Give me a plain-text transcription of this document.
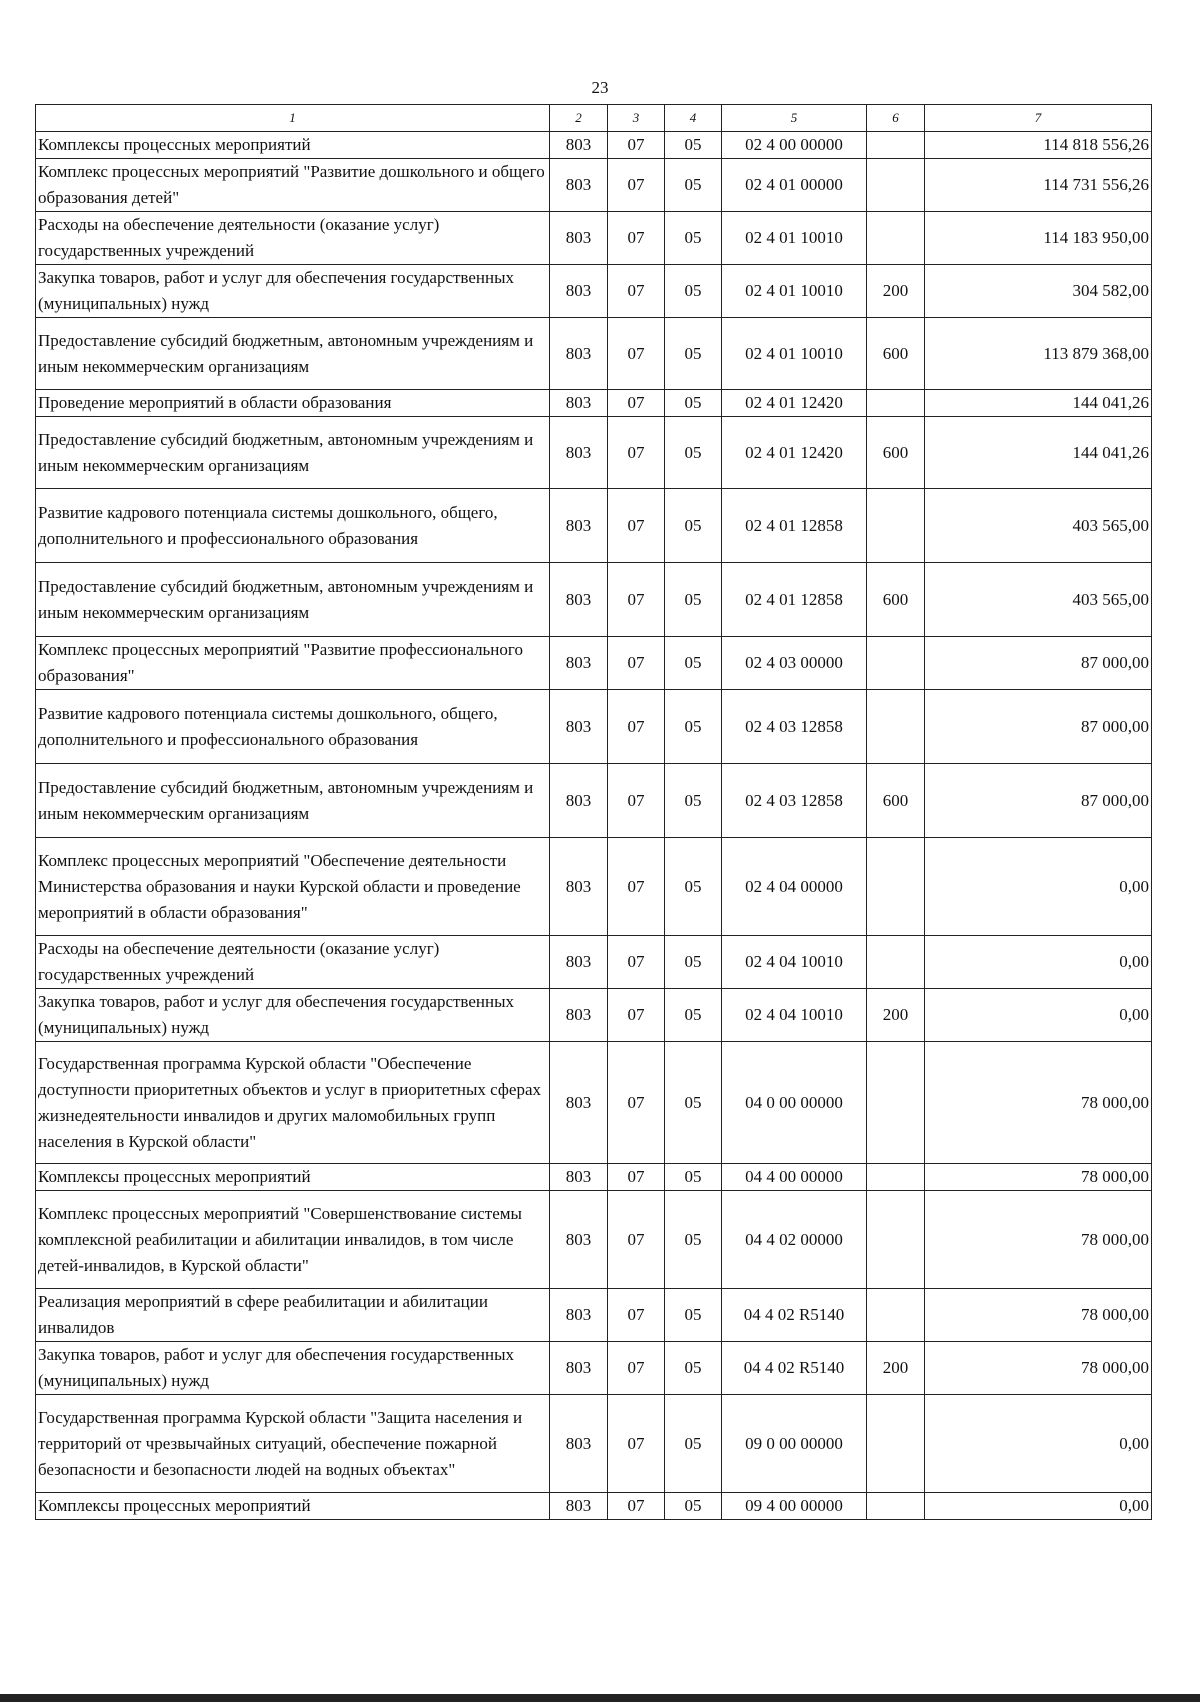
23
1	2	3	4	5	6	7
Комплексы процессных мероприятий	803	07	05	02 4 00 00000		114 818 556,26
Комплекс процессных мероприятий "Развитие дошкольного и общего образования детей"	803	07	05	02 4 01 00000		114 731 556,26
Расходы на обеспечение деятельности (оказание услуг) государственных учреждений	803	07	05	02 4 01 10010		114 183 950,00
Закупка товаров, работ и услуг для обеспечения государственных (муниципальных) нужд	803	07	05	02 4 01 10010	200	304 582,00
Предоставление субсидий бюджетным, автономным учреждениям и иным некоммерческим организациям	803	07	05	02 4 01 10010	600	113 879 368,00
Проведение мероприятий в области образования	803	07	05	02 4 01 12420		144 041,26
Предоставление субсидий бюджетным, автономным учреждениям и иным некоммерческим организациям	803	07	05	02 4 01 12420	600	144 041,26
Развитие кадрового потенциала системы дошкольного, общего, дополнительного и профессионального образования	803	07	05	02 4 01 12858		403 565,00
Предоставление субсидий бюджетным, автономным учреждениям и иным некоммерческим организациям	803	07	05	02 4 01 12858	600	403 565,00
Комплекс процессных мероприятий "Развитие профессионального образования"	803	07	05	02 4 03 00000		87 000,00
Развитие кадрового потенциала системы дошкольного, общего, дополнительного и профессионального образования	803	07	05	02 4 03 12858		87 000,00
Предоставление субсидий бюджетным, автономным учреждениям и иным некоммерческим организациям	803	07	05	02 4 03 12858	600	87 000,00
Комплекс процессных мероприятий "Обеспечение деятельности Министерства образования и науки Курской области и проведение мероприятий в области образования"	803	07	05	02 4 04 00000		0,00
Расходы на обеспечение деятельности (оказание услуг) государственных учреждений	803	07	05	02 4 04 10010		0,00
Закупка товаров, работ и услуг для обеспечения государственных (муниципальных) нужд	803	07	05	02 4 04 10010	200	0,00
Государственная программа Курской области "Обеспечение доступности приоритетных объектов и услуг в приоритетных сферах жизнедеятельности инвалидов и других маломобильных групп населения в Курской области"	803	07	05	04 0 00 00000		78 000,00
Комплексы процессных мероприятий	803	07	05	04 4 00 00000		78 000,00
Комплекс процессных мероприятий "Совершенствование системы комплексной реабилитации и абилитации инвалидов, в том числе детей-инвалидов, в Курской области"	803	07	05	04 4 02 00000		78 000,00
Реализация мероприятий в сфере реабилитации и абилитации инвалидов	803	07	05	04 4 02 R5140		78 000,00
Закупка товаров, работ и услуг для обеспечения государственных (муниципальных) нужд	803	07	05	04 4 02 R5140	200	78 000,00
Государственная программа Курской области "Защита населения и территорий от чрезвычайных ситуаций, обеспечение пожарной безопасности и безопасности людей на водных объектах"	803	07	05	09 0 00 00000		0,00
Комплексы процессных мероприятий	803	07	05	09 4 00 00000		0,00
